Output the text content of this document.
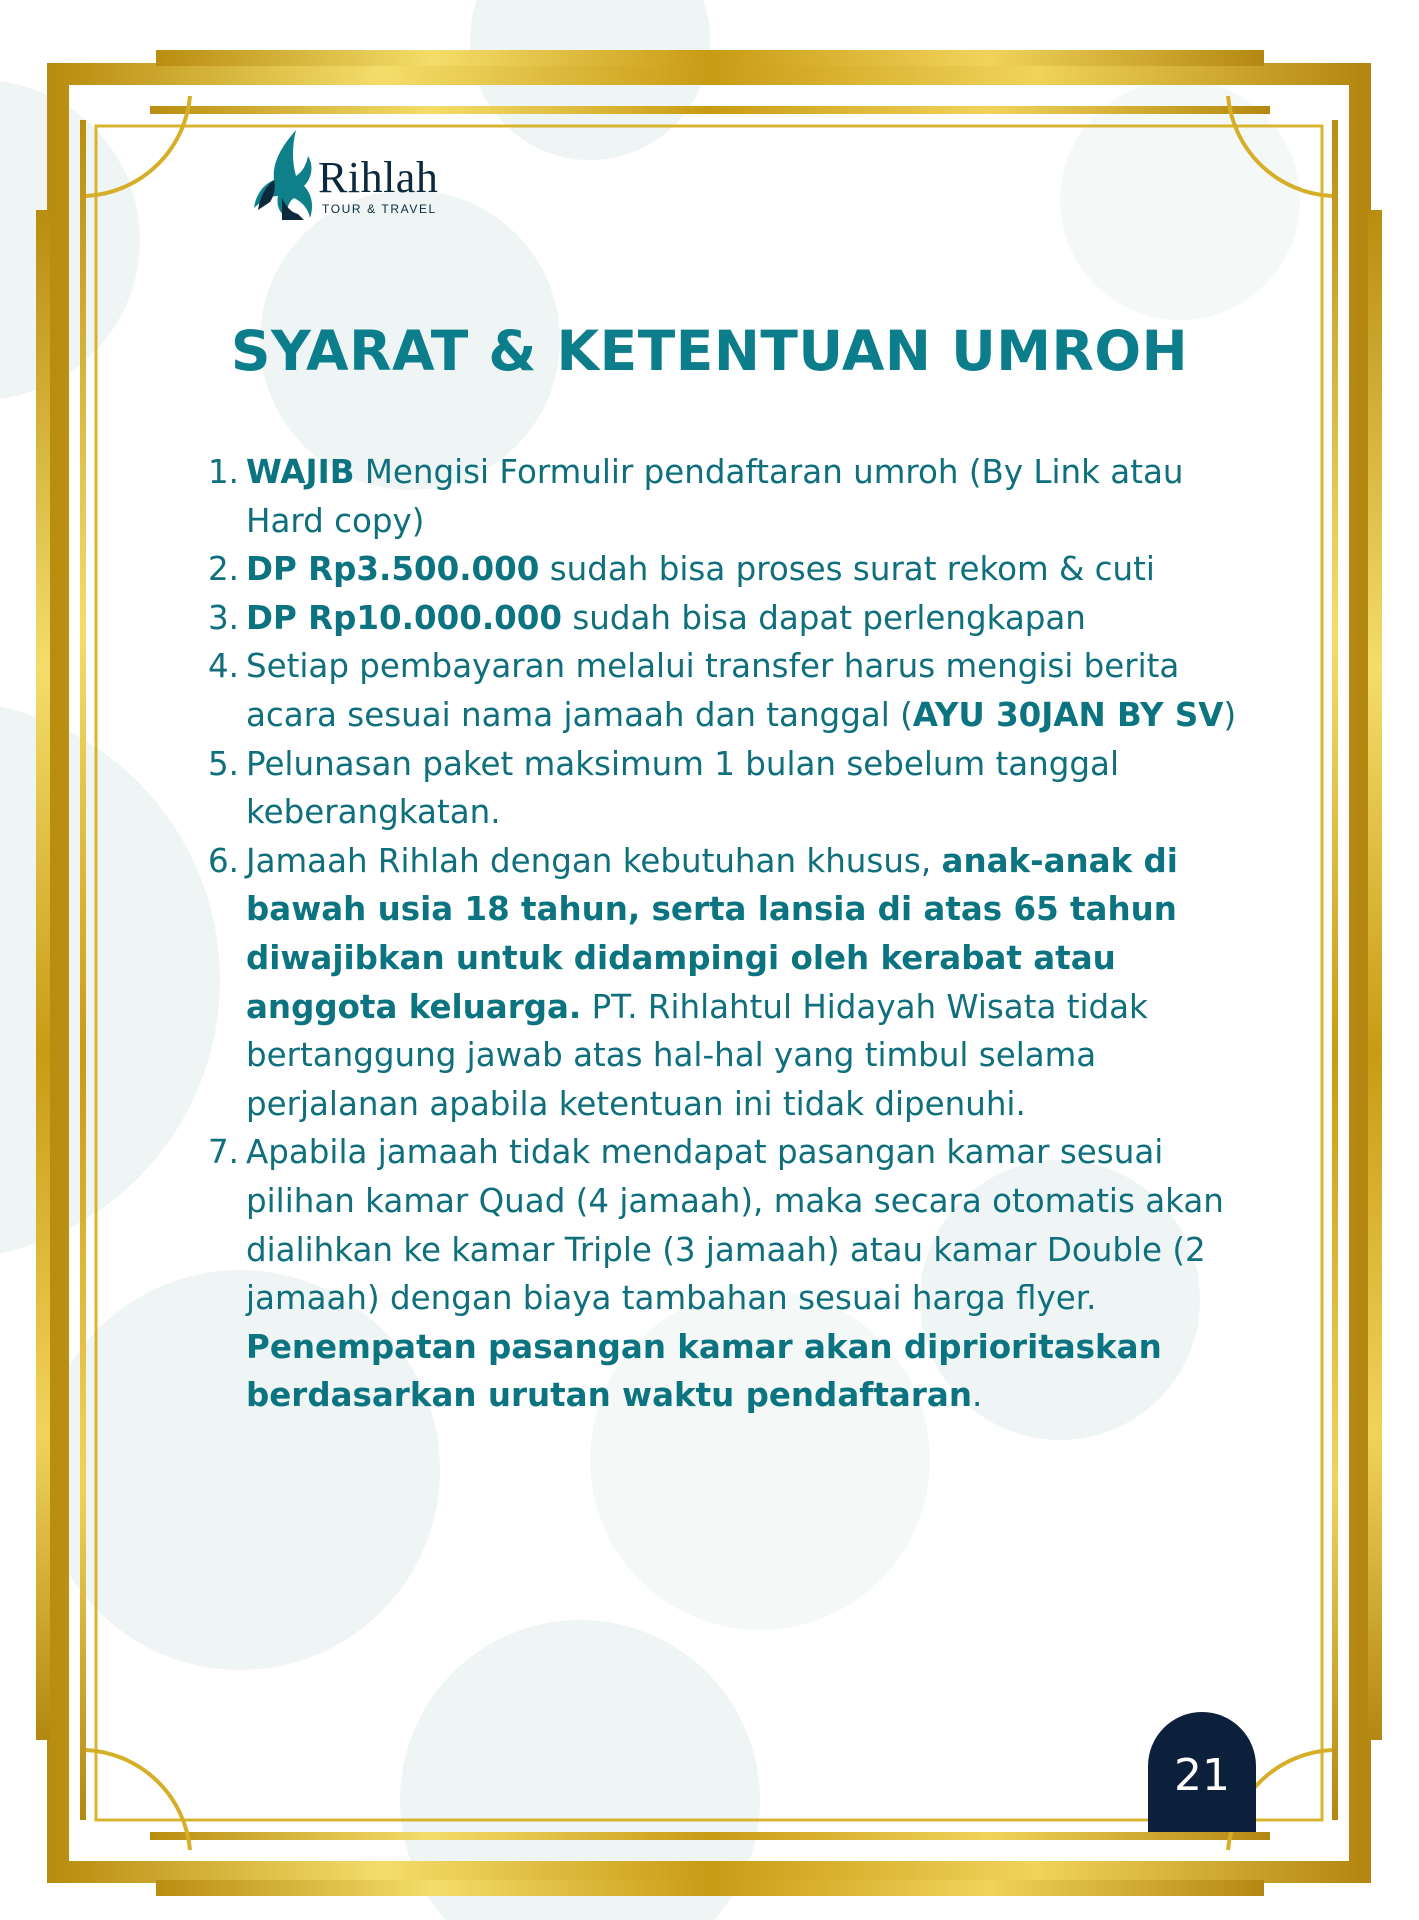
Rihlah
TOUR & TRAVEL
SYARAT & KETENTUAN UMROH
1. WAJIB Mengisi Formulir pendaftaran umroh (By Link atau Hard copy)
2. DP Rp3.500.000 sudah bisa proses surat rekom & cuti
3. DP Rp10.000.000 sudah bisa dapat perlengkapan
4. Setiap pembayaran melalui transfer harus mengisi berita acara sesuai nama jamaah dan tanggal (AYU 30JAN BY SV)
5. Pelunasan paket maksimum 1 bulan sebelum tanggal keberangkatan.
6. Jamaah Rihlah dengan kebutuhan khusus, anak-anak di bawah usia 18 tahun, serta lansia di atas 65 tahun diwajibkan untuk didampingi oleh kerabat atau anggota keluarga. PT. Rihlahtul Hidayah Wisata tidak bertanggung jawab atas hal-hal yang timbul selama perjalanan apabila ketentuan ini tidak dipenuhi.
7. Apabila jamaah tidak mendapat pasangan kamar sesuai pilihan kamar Quad (4 jamaah), maka secara otomatis akan dialihkan ke kamar Triple (3 jamaah) atau kamar Double (2 jamaah) dengan biaya tambahan sesuai harga flyer. Penempatan pasangan kamar akan diprioritaskan berdasarkan urutan waktu pendaftaran.
21
